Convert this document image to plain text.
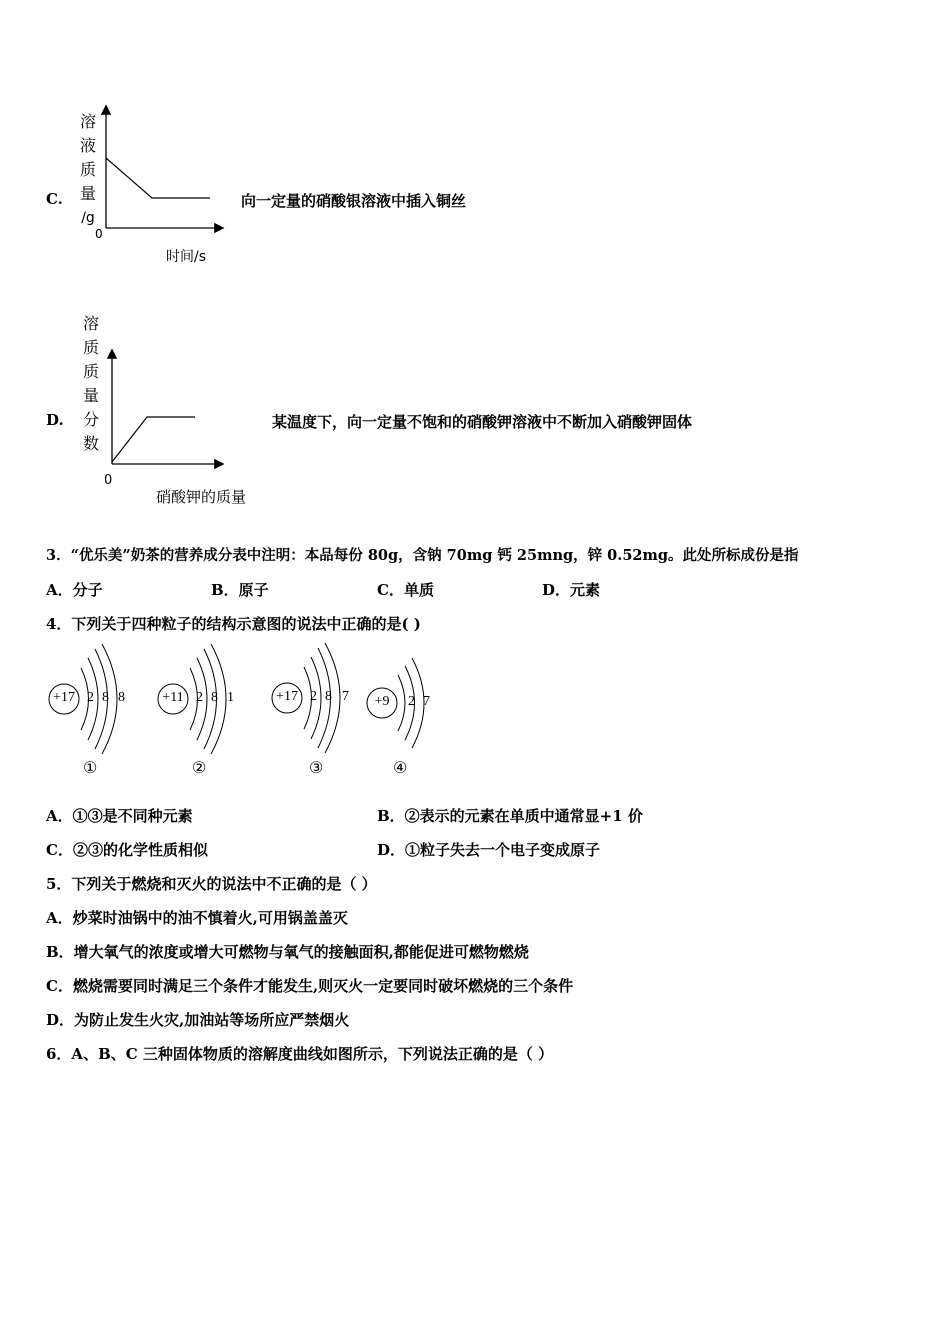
C.
溶
液
质
量
/g
0
时间/s
向一定量的硝酸银溶液中插入铜丝
D.
溶
质
质
量
分
数
0
硝酸钾的质量
某温度下，向一定量不饱和的硝酸钾溶液中不断加入硝酸钾固体
3．“优乐美”奶茶的营养成分表中注明：本品每份 80g，含钠 70mg 钙 25mng，锌 0.52mg。此处所标成份是指
A．分子	B．原子	C．单质	D．元素
4．下列关于四种粒子的结构示意图的说法中正确的是( )
+17 2 8 8
①
+11 2 8 1
②
+17 2 8 7
③
+9	2 7
④
A．①③是不同种元素	B．②表示的元素在单质中通常显+1 价
C．②③的化学性质相似	D．①粒子失去一个电子变成原子
5．下列关于燃烧和灭火的说法中不正确的是（ ）
A．炒菜时油锅中的油不慎着火,可用锅盖盖灭
B．增大氧气的浓度或增大可燃物与氧气的接触面积,都能促进可燃物燃烧
C．燃烧需要同时满足三个条件才能发生,则灭火一定要同时破坏燃烧的三个条件
D．为防止发生火灾,加油站等场所应严禁烟火
6．A、B、C 三种固体物质的溶解度曲线如图所示，下列说法正确的是（ ）
